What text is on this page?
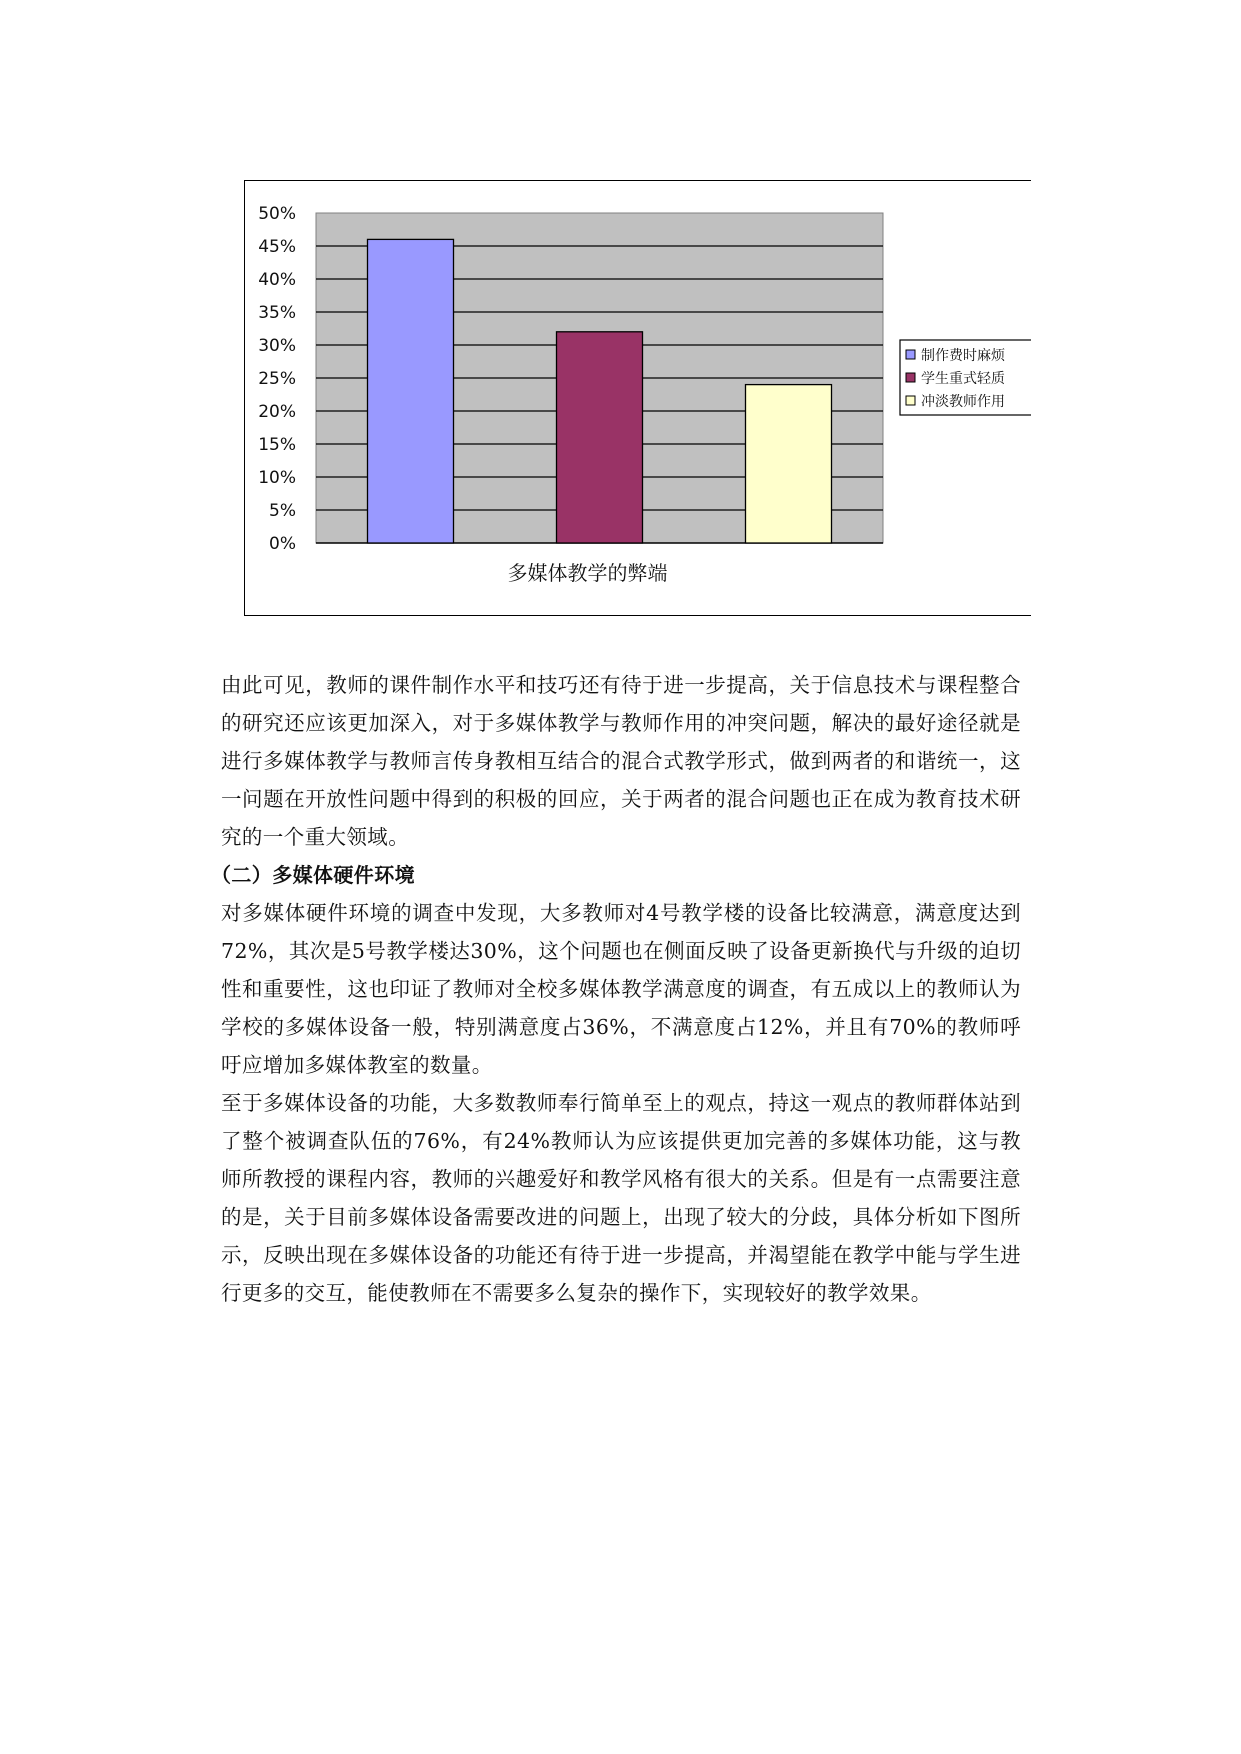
0%
5%
10%
15%
20%
25%
30%
35%
40%
45%
50%
多媒体教学的弊端
制作费时麻烦
学生重式轻质
冲淡教师作用

由此可见，教师的课件制作水平和技巧还有待于进一步提高，关于信息技术与课程整合的研究还应该更加深入，对于多媒体教学与教师作用的冲突问题，解决的最好途径就是进行多媒体教学与教师言传身教相互结合的混合式教学形式，做到两者的和谐统一，这一问题在开放性问题中得到的积极的回应，关于两者的混合问题也正在成为教育技术研究的一个重大领域。

（二）多媒体硬件环境

对多媒体硬件环境的调查中发现，大多教师对4号教学楼的设备比较满意，满意度达到72%，其次是5号教学楼达30%，这个问题也在侧面反映了设备更新换代与升级的迫切性和重要性，这也印证了教师对全校多媒体教学满意度的调查，有五成以上的教师认为学校的多媒体设备一般，特别满意度占36%，不满意度占12%，并且有70%的教师呼吁应增加多媒体教室的数量。

至于多媒体设备的功能，大多数教师奉行简单至上的观点，持这一观点的教师群体站到了整个被调查队伍的76%，有24%教师认为应该提供更加完善的多媒体功能，这与教师所教授的课程内容，教师的兴趣爱好和教学风格有很大的关系。但是有一点需要注意的是，关于目前多媒体设备需要改进的问题上，出现了较大的分歧，具体分析如下图所示，反映出现在多媒体设备的功能还有待于进一步提高，并渴望能在教学中能与学生进行更多的交互，能使教师在不需要多么复杂的操作下，实现较好的教学效果。
